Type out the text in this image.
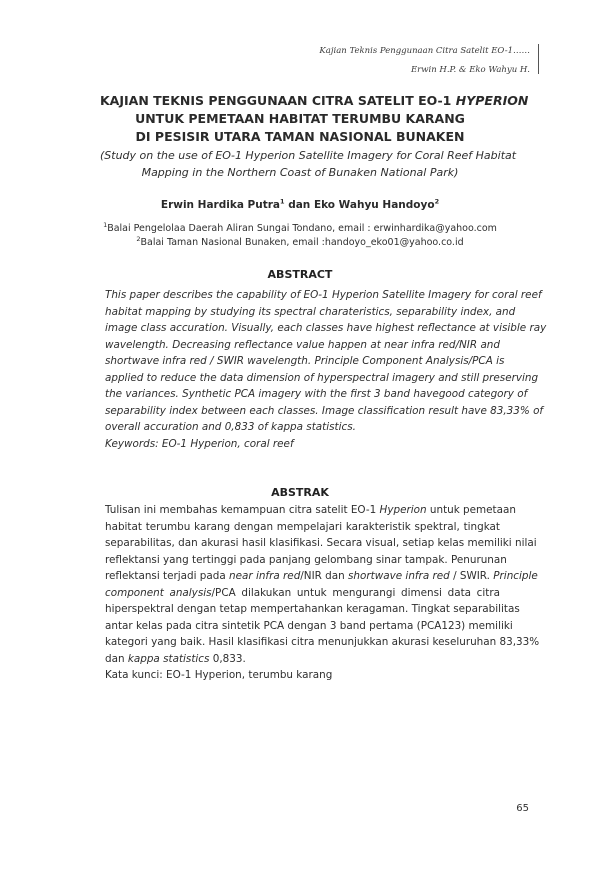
Kajian Teknis Penggunaan Citra Satelit EO-1……
Erwin H.P. & Eko Wahyu H.
KAJIAN TEKNIS PENGGUNAAN CITRA SATELIT EO-1 HYPERION
UNTUK PEMETAAN HABITAT TERUMBU KARANG
DI PESISIR UTARA TAMAN NASIONAL BUNAKEN
(Study on the use of EO-1 Hyperion Satellite Imagery for Coral Reef Habitat
Mapping in the Northern Coast of Bunaken National Park)
Erwin Hardika Putra$^1$ dan Eko Wahyu Handoyo$^2$
$^1$Balai Pengelolaa Daerah Aliran Sungai Tondano, email : erwinhardika@yahoo.com
$^2$Balai Taman Nasional Bunaken, email :handoyo_eko01@yahoo.co.id
ABSTRACT
This paper describes the capability of EO-1 Hyperion Satellite Imagery for coral reef
habitat mapping by studying its spectral charateristics, separability index, and
image class accuration. Visually, each classes have highest reflectance at visible ray
wavelength. Decreasing reflectance value happen at near infra red/NIR and
shortwave infra red / SWIR wavelength. Principle Component Analysis/PCA is
applied to reduce the data dimension of hyperspectral imagery and still preserving
the variances. Synthetic PCA imagery with the first 3 band havegood category of
separability index between each classes. Image classification result have 83,33% of
overall accuration and 0,833 of kappa statistics.
Keywords: EO-1 Hyperion, coral reef
ABSTRAK
Tulisan ini membahas kemampuan citra satelit EO-1 Hyperion untuk pemetaan
habitat terumbu karang dengan mempelajari karakteristik spektral, tingkat
separabilitas, dan akurasi hasil klasifikasi. Secara visual, setiap kelas memiliki nilai
reflektansi yang tertinggi pada panjang gelombang sinar tampak. Penurunan
reflektansi terjadi pada near infra red/NIR dan shortwave infra red / SWIR. Principle
component analysis/PCA dilakukan untuk mengurangi dimensi data citra
hiperspektral dengan tetap mempertahankan keragaman. Tingkat separabilitas
antar kelas pada citra sintetik PCA dengan 3 band pertama (PCA123) memiliki
kategori yang baik. Hasil klasifikasi citra menunjukkan akurasi keseluruhan 83,33%
dan kappa statistics 0,833.
Kata kunci: EO-1 Hyperion, terumbu karang
65
